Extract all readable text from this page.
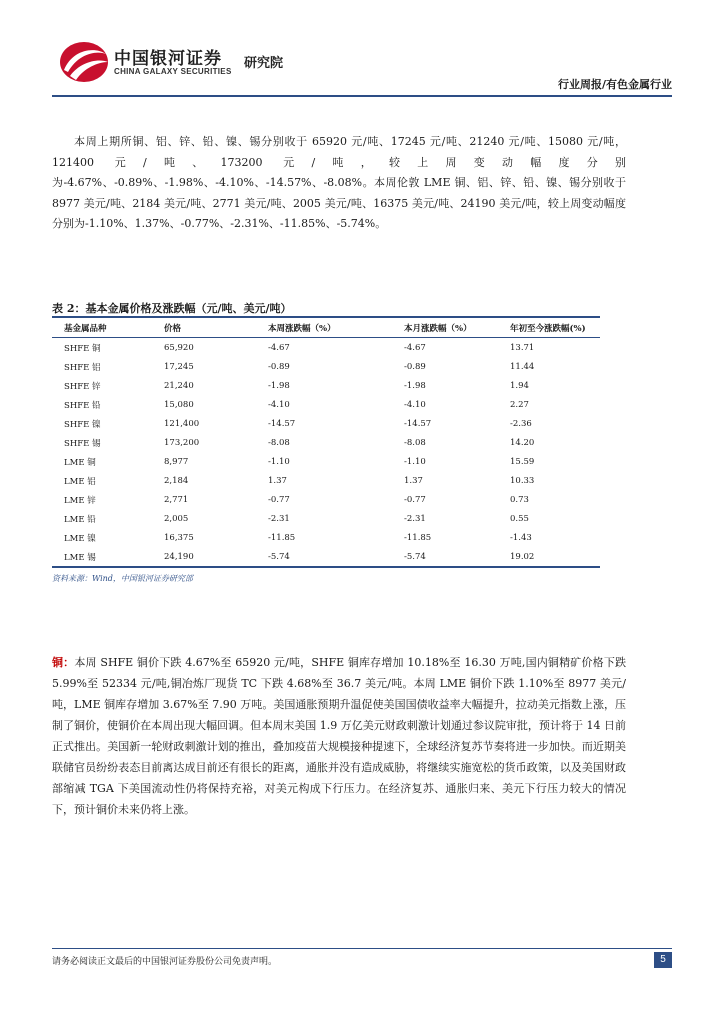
中国银河证券
CHINA GALAXY SECURITIES
研究院
行业周报/有色金属行业

本周上期所铜、铝、锌、铅、镍、锡分别收于 65920 元/吨、17245 元/吨、21240 元/吨、15080 元/吨，121400 元/吨、173200 元/吨，较上周变动幅度分别为-4.67%、-0.89%、-1.98%、-4.10%、-14.57%、-8.08%。本周伦敦 LME 铜、铝、锌、铅、镍、锡分别收于 8977 美元/吨、2184 美元/吨、2771 美元/吨、2005 美元/吨、16375 美元/吨、24190 美元/吨，较上周变动幅度分别为-1.10%、1.37%、-0.77%、-2.31%、-11.85%、-5.74%。

表 2：基本金属价格及涨跌幅（元/吨、美元/吨）
基金属品种	价格	本周涨跌幅（%）	本月涨跌幅（%）	年初至今涨跌幅(%)
SHFE 铜	65,920	-4.67	-4.67	13.71
SHFE 铝	17,245	-0.89	-0.89	11.44
SHFE 锌	21,240	-1.98	-1.98	1.94
SHFE 铅	15,080	-4.10	-4.10	2.27
SHFE 镍	121,400	-14.57	-14.57	-2.36
SHFE 锡	173,200	-8.08	-8.08	14.20
LME 铜	8,977	-1.10	-1.10	15.59
LME 铝	2,184	1.37	1.37	10.33
LME 锌	2,771	-0.77	-0.77	0.73
LME 铅	2,005	-2.31	-2.31	0.55
LME 镍	16,375	-11.85	-11.85	-1.43
LME 锡	24,190	-5.74	-5.74	19.02
资料来源：Wind，中国银河证券研究部

铜：本周 SHFE 铜价下跌 4.67%至 65920 元/吨，SHFE 铜库存增加 10.18%至 16.30 万吨,国内铜精矿价格下跌 5.99%至 52334 元/吨,铜冶炼厂现货 TC 下跌 4.68%至 36.7 美元/吨。本周 LME 铜价下跌 1.10%至 8977 美元/吨，LME 铜库存增加 3.67%至 7.90 万吨。美国通胀预期升温促使美国国债收益率大幅提升，拉动美元指数上涨，压制了铜价，使铜价在本周出现大幅回调。但本周末美国 1.9 万亿美元财政刺激计划通过参议院审批，预计将于 14 日前正式推出。美国新一轮财政刺激计划的推出，叠加疫苗大规模接种提速下，全球经济复苏节奏将进一步加快。而近期美联储官员纷纷表态目前离达成目前还有很长的距离，通胀并没有造成威胁，将继续实施宽松的货币政策，以及美国财政部缩减 TGA 下美国流动性仍将保持充裕，对美元构成下行压力。在经济复苏、通胀归来、美元下行压力较大的情况下，预计铜价未来仍将上涨。

请务必阅读正文最后的中国银河证券股份公司免责声明。	5
